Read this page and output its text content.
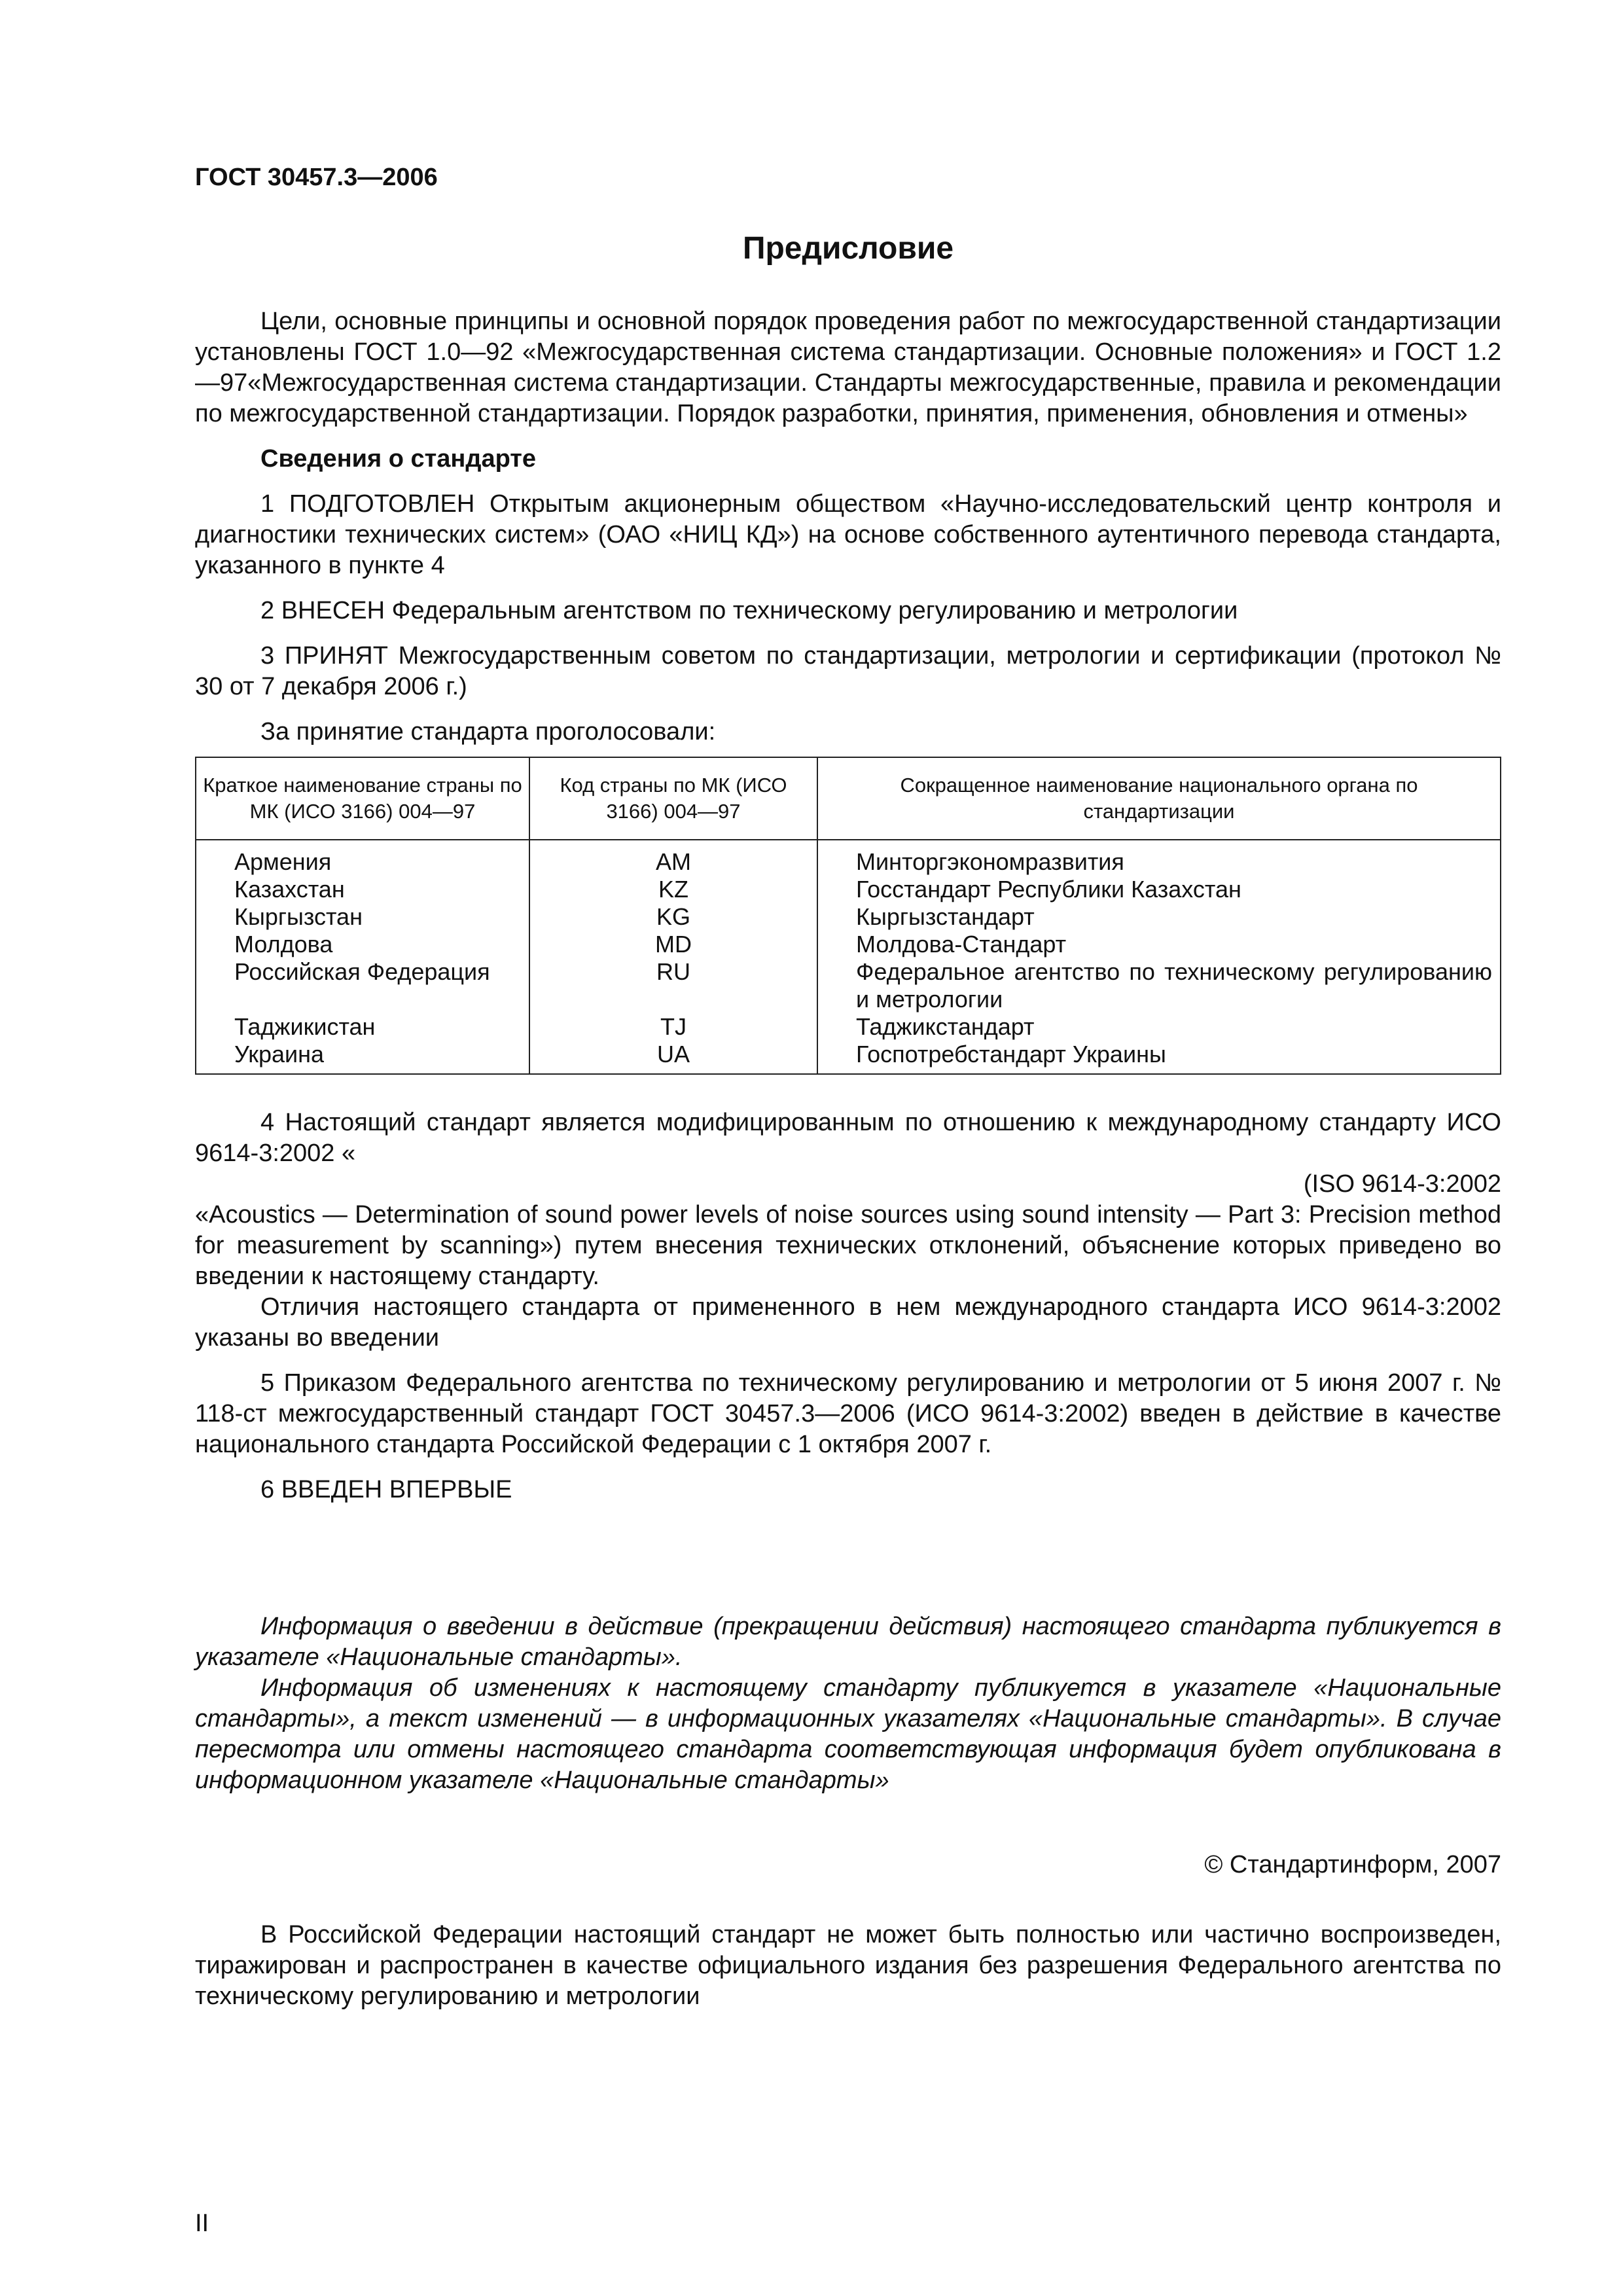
ГОСТ 30457.3—2006
Предисловие

Цели, основные принципы и основной порядок проведения работ по межгосударственной стандартизации установлены ГОСТ 1.0—92 «Межгосударственная система стандартизации. Основные положения» и ГОСТ 1.2—97«Межгосударственная система стандартизации. Стандарты межгосударственные, правила и рекомендации по межгосударственной стандартизации. Порядок разработки, принятия, применения, обновления и отмены»

Сведения о стандарте

1 ПОДГОТОВЛЕН Открытым акционерным обществом «Научно-исследовательский центр контроля и диагностики технических систем» (ОАО «НИЦ КД») на основе собственного аутентичного перевода стандарта, указанного в пункте 4

2 ВНЕСЕН Федеральным агентством по техническому регулированию и метрологии

3 ПРИНЯТ Межгосударственным советом по стандартизации, метрологии и сертификации (протокол № 30 от 7 декабря 2006 г.)

За принятие стандарта проголосовали:

Краткое наименование страны по МК (ИСО 3166) 004—97	Код страны по МК (ИСО 3166) 004—97	Сокращенное наименование национального органа по стандартизации
Армения	AM	Минторгэкономразвития
Казахстан	KZ	Госстандарт Республики Казахстан
Кыргызстан	KG	Кыргызстандарт
Молдова	MD	Молдова-Стандарт
Российская Федерация	RU	Федеральное агентство по техническому регулированию и метрологии
Таджикистан	TJ	Таджикстандарт
Украина	UA	Госпотребстандарт Украины

4 Настоящий стандарт является модифицированным по отношению к международному стандарту ИСО 9614-3:2002 «

(ISO 9614-3:2002

«Acoustics — Determination of sound power levels of noise sources using sound intensity — Part 3: Precision method for measurement by scanning») путем внесения технических отклонений, объяснение которых приведено во введении к настоящему стандарту.

Отличия настоящего стандарта от примененного в нем международного стандарта ИСО 9614-3:2002 указаны во введении

5 Приказом Федерального агентства по техническому регулированию и метрологии от 5 июня 2007 г. № 118-ст межгосударственный стандарт ГОСТ 30457.3—2006 (ИСО 9614-3:2002) введен в действие в качестве национального стандарта Российской Федерации с 1 октября 2007 г.

6 ВВЕДЕН ВПЕРВЫЕ

Информация о введении в действие (прекращении действия) настоящего стандарта публикуется в указателе «Национальные стандарты».

Информация об изменениях к настоящему стандарту публикуется в указателе «Национальные стандарты», а текст изменений — в информационных указателях «Национальные стандарты». В случае пересмотра или отмены настоящего стандарта соответствующая информация будет опубликована в информационном указателе «Национальные стандарты»

© Стандартинформ, 2007

В Российской Федерации настоящий стандарт не может быть полностью или частично воспроизведен, тиражирован и распространен в качестве официального издания без разрешения Федерального агентства по техническому регулированию и метрологии

II
